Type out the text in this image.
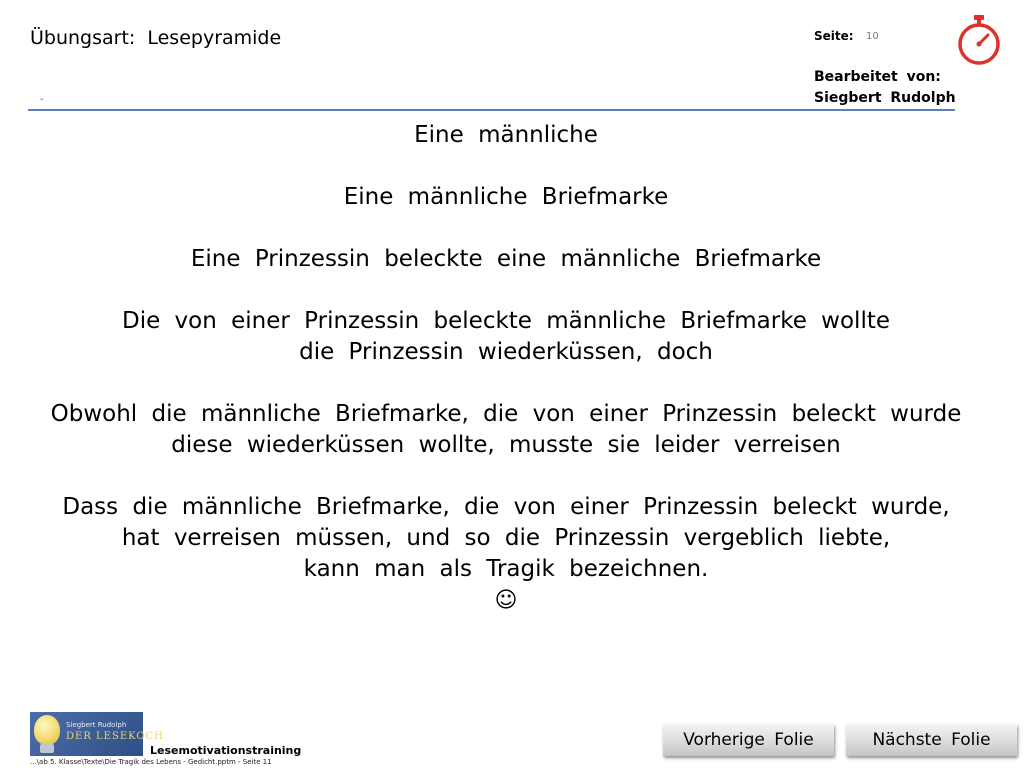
Übungsart: Lesepyramide
-
Seite: 10
Bearbeitet von:
Siegbert Rudolph
Eine männliche
Eine männliche Briefmarke
Eine Prinzessin beleckte eine männliche Briefmarke
Die von einer Prinzessin beleckte männliche Briefmarke wollte
die Prinzessin wiederküssen, doch
Obwohl die männliche Briefmarke, die von einer Prinzessin beleckt wurde
diese wiederküssen wollte, musste sie leider verreisen
Dass die männliche Briefmarke, die von einer Prinzessin beleckt wurde,
hat verreisen müssen, und so die Prinzessin vergeblich liebte,
kann man als Tragik bezeichnen.
☺
Siegbert Rudolph
DER LESEKOCH
Lesemotivationstraining
...\ab 5. Klasse\Texte\Die Tragik des Lebens - Gedicht.pptm - Seite 11
Vorherige Folie	Nächste Folie
